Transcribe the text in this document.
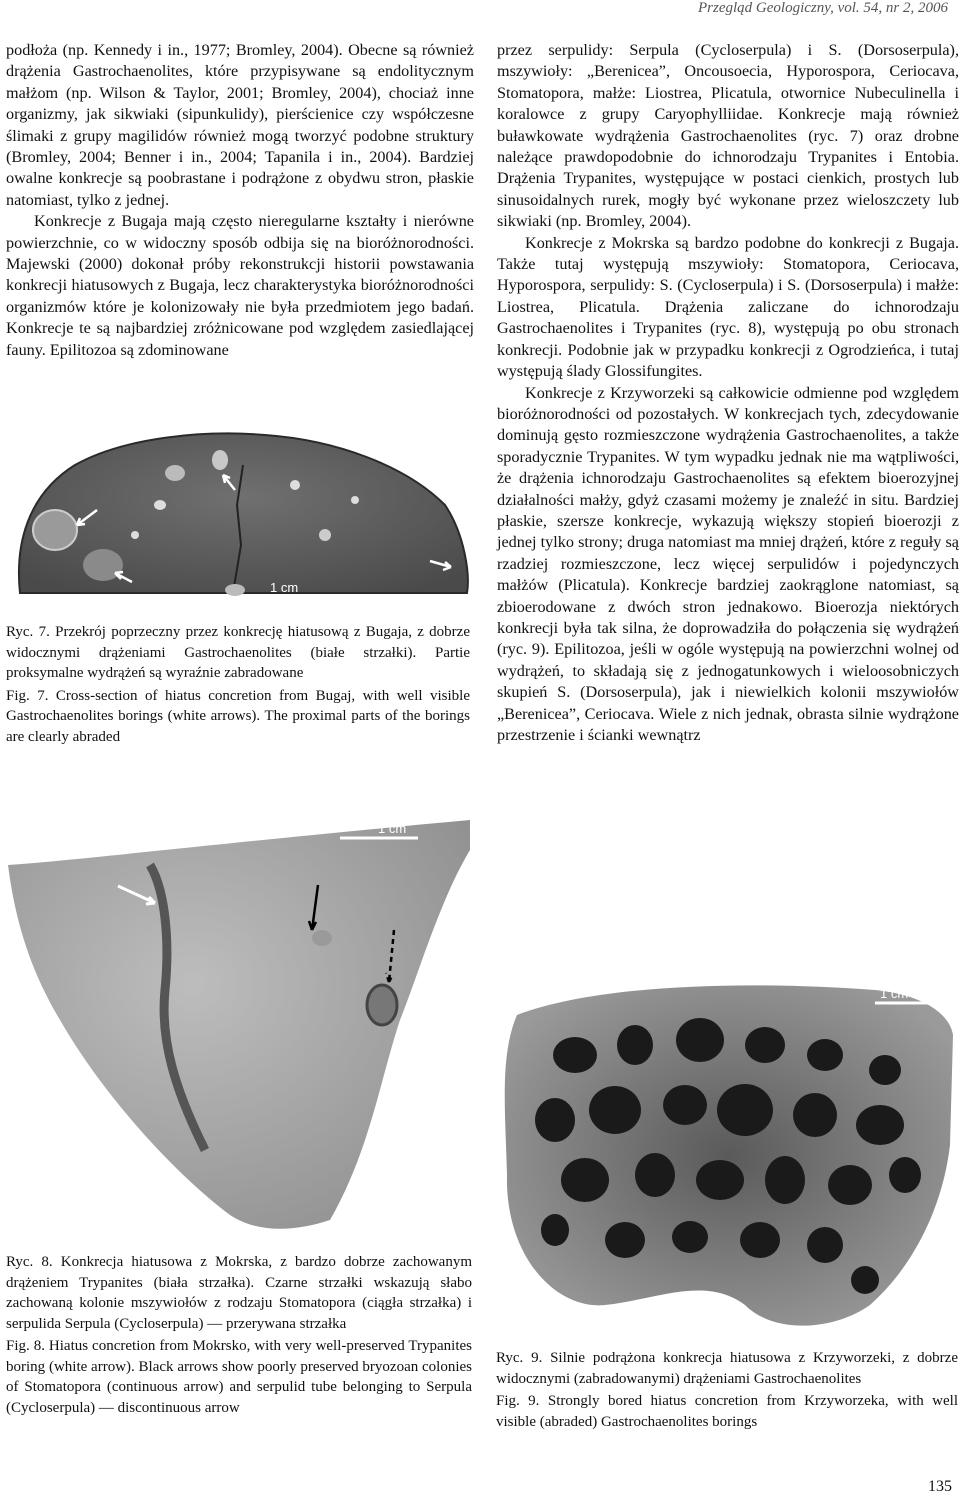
Przegląd Geologiczny, vol. 54, nr 2, 2006

podłoża (np. Kennedy i in., 1977; Bromley, 2004). Obecne są również drążenia Gastrochaenolites, które przypisywane są endolitycznym małżom (np. Wilson & Taylor, 2001; Bromley, 2004), chociaż inne organizmy, jak sikwiaki (sipunkulidy), pierścienice czy współczesne ślimaki z grupy magilidów również mogą tworzyć podobne struktury (Bromley, 2004; Benner i in., 2004; Tapanila i in., 2004). Bardziej owalne konkrecje są poobrastane i podrążone z obydwu stron, płaskie natomiast, tylko z jednej.

Konkrecje z Bugaja mają często nieregularne kształty i nierówne powierzchnie, co w widoczny sposób odbija się na bioróżnorodności. Majewski (2000) dokonał próby rekonstrukcji historii powstawania konkrecji hiatusowych z Bugaja, lecz charakterystyka bioróżnorodności organizmów które je kolonizowały nie była przedmiotem jego badań. Konkrecje te są najbardziej zróżnicowane pod względem zasiedlającej fauny. Epilitozoa są zdominowane

przez serpulidy: Serpula (Cycloserpula) i S. (Dorsoserpula), mszywioły: „Berenicea”, Oncousoecia, Hyporospora, Ceriocava, Stomatopora, małże: Liostrea, Plicatula, otwornice Nubeculinella i koralowce z grupy Caryophylliidae. Konkrecje mają również buławkowate wydrążenia Gastrochaenolites (ryc. 7) oraz drobne należące prawdopodobnie do ichnorodzaju Trypanites i Entobia. Drążenia Trypanites, występujące w postaci cienkich, prostych lub sinusoidalnych rurek, mogły być wykonane przez wieloszczety lub sikwiaki (np. Bromley, 2004).

Konkrecje z Mokrska są bardzo podobne do konkrecji z Bugaja. Także tutaj występują mszywioły: Stomatopora, Ceriocava, Hyporospora, serpulidy: S. (Cycloserpula) i S. (Dorsoserpula) i małże: Liostrea, Plicatula. Drążenia zaliczane do ichnorodzaju Gastrochaenolites i Trypanites (ryc. 8), występują po obu stronach konkrecji. Podobnie jak w przypadku konkrecji z Ogrodzieńca, i tutaj występują ślady Glossifungites.

Konkrecje z Krzyworzeki są całkowicie odmienne pod względem bioróżnorodności od pozostałych. W konkrecjach tych, zdecydowanie dominują gęsto rozmieszczone wydrążenia Gastrochaenolites, a także sporadycznie Trypanites. W tym wypadku jednak nie ma wątpliwości, że drążenia ichnorodzaju Gastrochaenolites są efektem bioerozyjnej działalności małży, gdyż czasami możemy je znaleźć in situ. Bardziej płaskie, szersze konkrecje, wykazują większy stopień bioerozji z jednej tylko strony; druga natomiast ma mniej drążeń, które z reguły są rzadziej rozmieszczone, lecz więcej serpulidów i pojedynczych małżów (Plicatula). Konkrecje bardziej zaokrąglone natomiast, są zbioerodowane z dwóch stron jednakowo. Bioerozja niektórych konkrecji była tak silna, że doprowadziła do połączenia się wydrążeń (ryc. 9). Epilitozoa, jeśli w ogóle występują na powierzchni wolnej od wydrążeń, to składają się z jednogatunkowych i wieloosobniczych skupień S. (Dorsoserpula), jak i niewielkich kolonii mszywiołów „Berenicea”, Ceriocava. Wiele z nich jednak, obrasta silnie wydrążone przestrzenie i ścianki wewnątrz

1 cm

Ryc. 7. Przekrój poprzeczny przez konkrecję hiatusową z Bugaja, z dobrze widocznymi drążeniami Gastrochaenolites (białe strzałki). Partie proksymalne wydrążeń są wyraźnie zabradowane

Fig. 7. Cross-section of hiatus concretion from Bugaj, with well visible Gastrochaenolites borings (white arrows). The proximal parts of the borings are clearly abraded

1 cm

Ryc. 8. Konkrecja hiatusowa z Mokrska, z bardzo dobrze zachowanym drążeniem Trypanites (biała strzałka). Czarne strzałki wskazują słabo zachowaną kolonie mszywiołów z rodzaju Stomatopora (ciągła strzałka) i serpulida Serpula (Cycloserpula) — przerywana strzałka

Fig. 8. Hiatus concretion from Mokrsko, with very well-preserved Trypanites boring (white arrow). Black arrows show poorly preserved bryozoan colonies of Stomatopora (continuous arrow) and serpulid tube belonging to Serpula (Cycloserpula) — discontinuous arrow

1 cm

Ryc. 9. Silnie podrążona konkrecja hiatusowa z Krzyworzeki, z dobrze widocznymi (zabradowanymi) drążeniami Gastrochaenolites

Fig. 9. Strongly bored hiatus concretion from Krzyworzeka, with well visible (abraded) Gastrochaenolites borings

135
